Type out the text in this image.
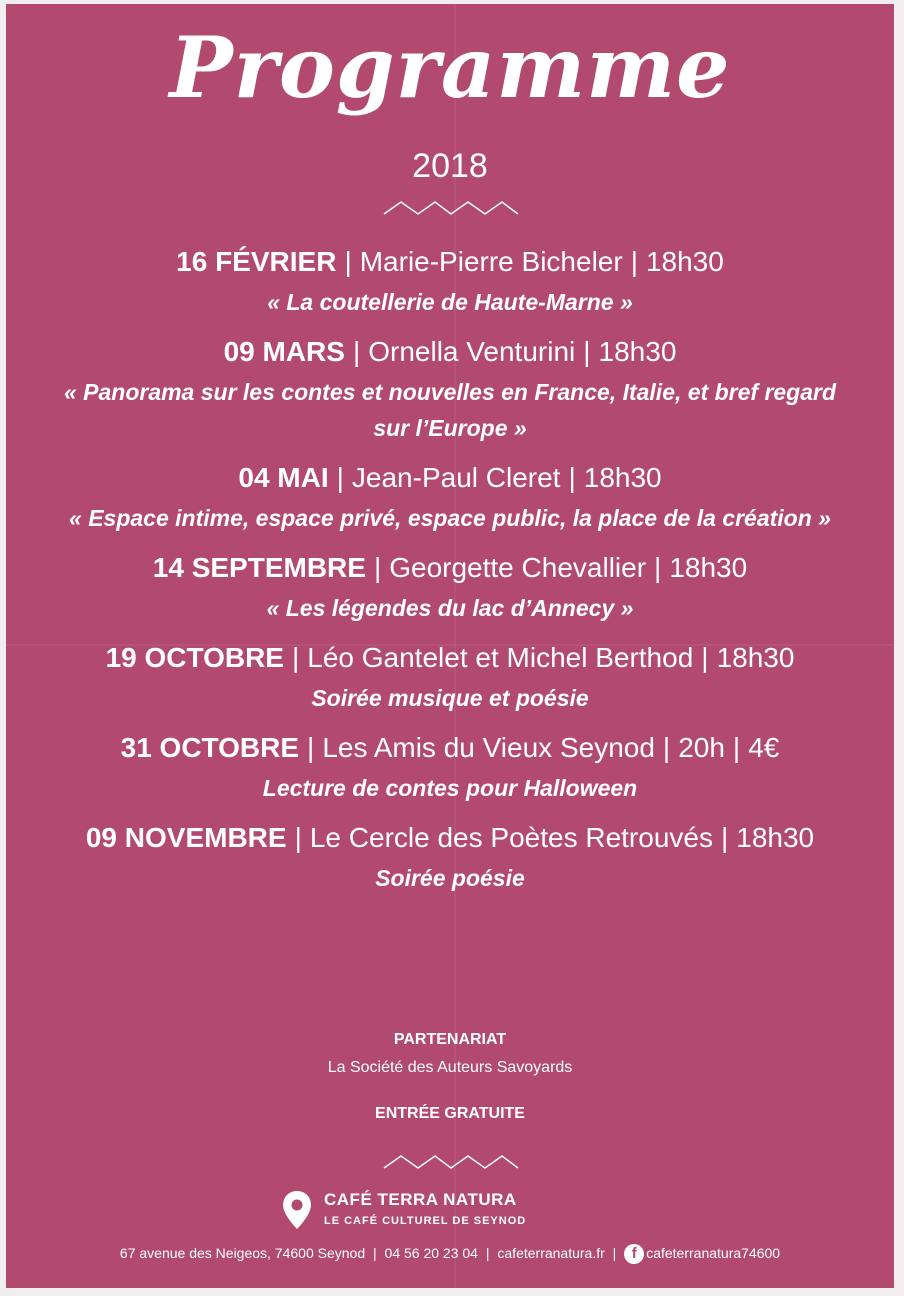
Programme
2018
16 FÉVRIER | Marie-Pierre Bicheler | 18h30
« La coutellerie de Haute-Marne »
09 MARS | Ornella Venturini | 18h30
« Panorama sur les contes et nouvelles en France, Italie, et bref regard sur l’Europe »
04 MAI | Jean-Paul Cleret | 18h30
« Espace intime, espace privé, espace public, la place de la création »
14 SEPTEMBRE | Georgette Chevallier | 18h30
« Les légendes du lac d’Annecy »
19 OCTOBRE | Léo Gantelet et Michel Berthod | 18h30
Soirée musique et poésie
31 OCTOBRE | Les Amis du Vieux Seynod | 20h | 4€
Lecture de contes pour Halloween
09 NOVEMBRE | Le Cercle des Poètes Retrouvés | 18h30
Soirée poésie
PARTENARIAT
La Société des Auteurs Savoyards
ENTRÉE GRATUITE
CAFÉ TERRA NATURA
LE CAFÉ CULTUREL DE SEYNOD
67 avenue des Neigeos, 74600 Seynod | 04 56 20 23 04 | cafeterranatura.fr | f cafeterranatura74600
